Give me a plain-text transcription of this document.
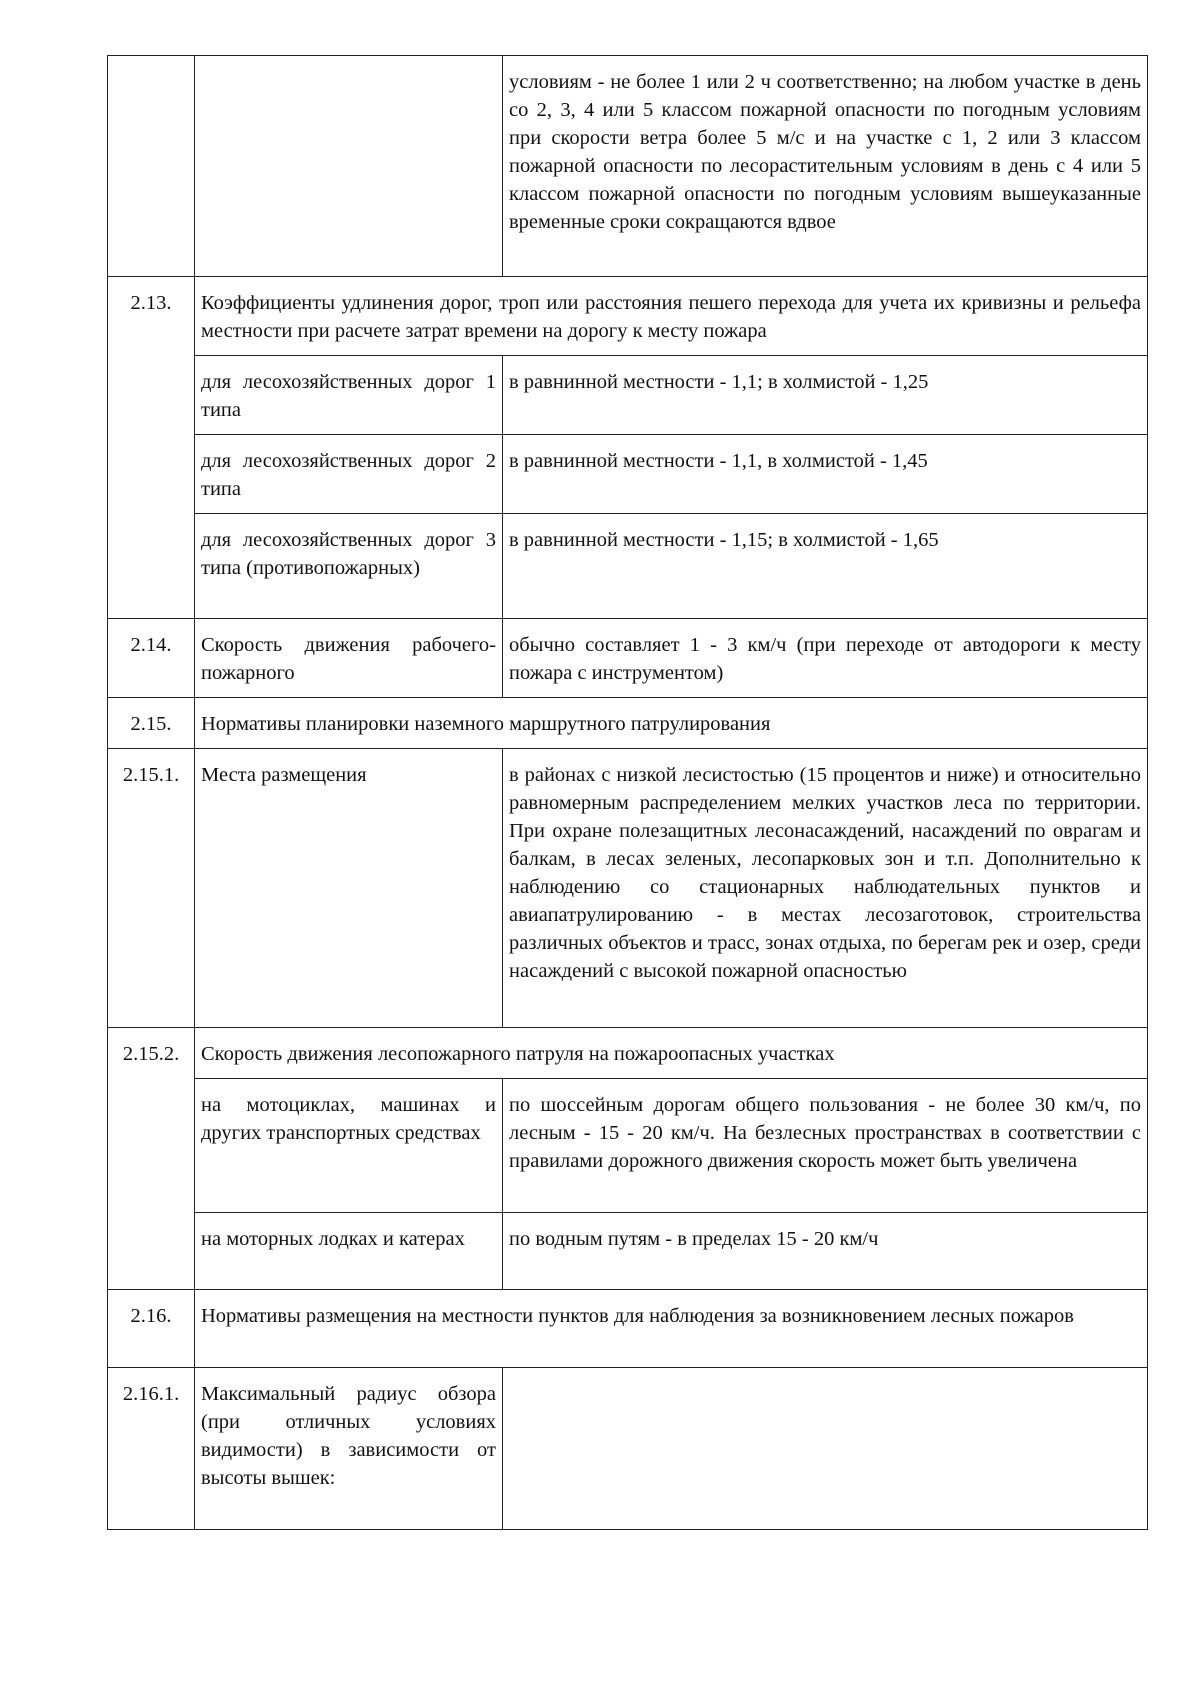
		условиям - не более 1 или 2 ч соответственно; на любом участке в день со 2, 3, 4 или 5 классом пожарной опасности по погодным условиям при скорости ветра более 5 м/с и на участке с 1, 2 или 3 классом пожарной опасности по лесорастительным условиям в день с 4 или 5 классом пожарной опасности по погодным условиям вышеуказанные временные сроки сокращаются вдвое
2.13.	Коэффициенты удлинения дорог, троп или расстояния пешего перехода для учета их кривизны и рельефа местности при расчете затрат времени на дорогу к месту пожара	
	для лесохозяйственных дорог 1 типа	в равнинной местности - 1,1; в холмистой - 1,25
	для лесохозяйственных дорог 2 типа	в равнинной местности - 1,1, в холмистой - 1,45
	для лесохозяйственных дорог 3 типа (противопожарных)	в равнинной местности - 1,15; в холмистой - 1,65
2.14.	Скорость движения рабочего-пожарного	обычно составляет 1 - 3 км/ч (при переходе от автодороги к месту пожара с инструментом)
2.15.	Нормативы планировки наземного маршрутного патрулирования	
2.15.1.	Места размещения	в районах с низкой лесистостью (15 процентов и ниже) и относительно равномерным распределением мелких участков леса по территории. При охране полезащитных лесонасаждений, насаждений по оврагам и балкам, в лесах зеленых, лесопарковых зон и т.п. Дополнительно к наблюдению со стационарных наблюдательных пунктов и авиапатрулированию - в местах лесозаготовок, строительства различных объектов и трасс, зонах отдыха, по берегам рек и озер, среди насаждений с высокой пожарной опасностью
2.15.2.	Скорость движения лесопожарного патруля на пожароопасных участках	
	на мотоциклах, машинах и других транспортных средствах	по шоссейным дорогам общего пользования - не более 30 км/ч, по лесным - 15 - 20 км/ч. На безлесных пространствах в соответствии с правилами дорожного движения скорость может быть увеличена
	на моторных лодках и катерах	по водным путям - в пределах 15 - 20 км/ч
2.16.	Нормативы размещения на местности пунктов для наблюдения за возникновением лесных пожаров	
2.16.1.	Максимальный радиус обзора (при отличных условиях видимости) в зависимости от высоты вышек:	
